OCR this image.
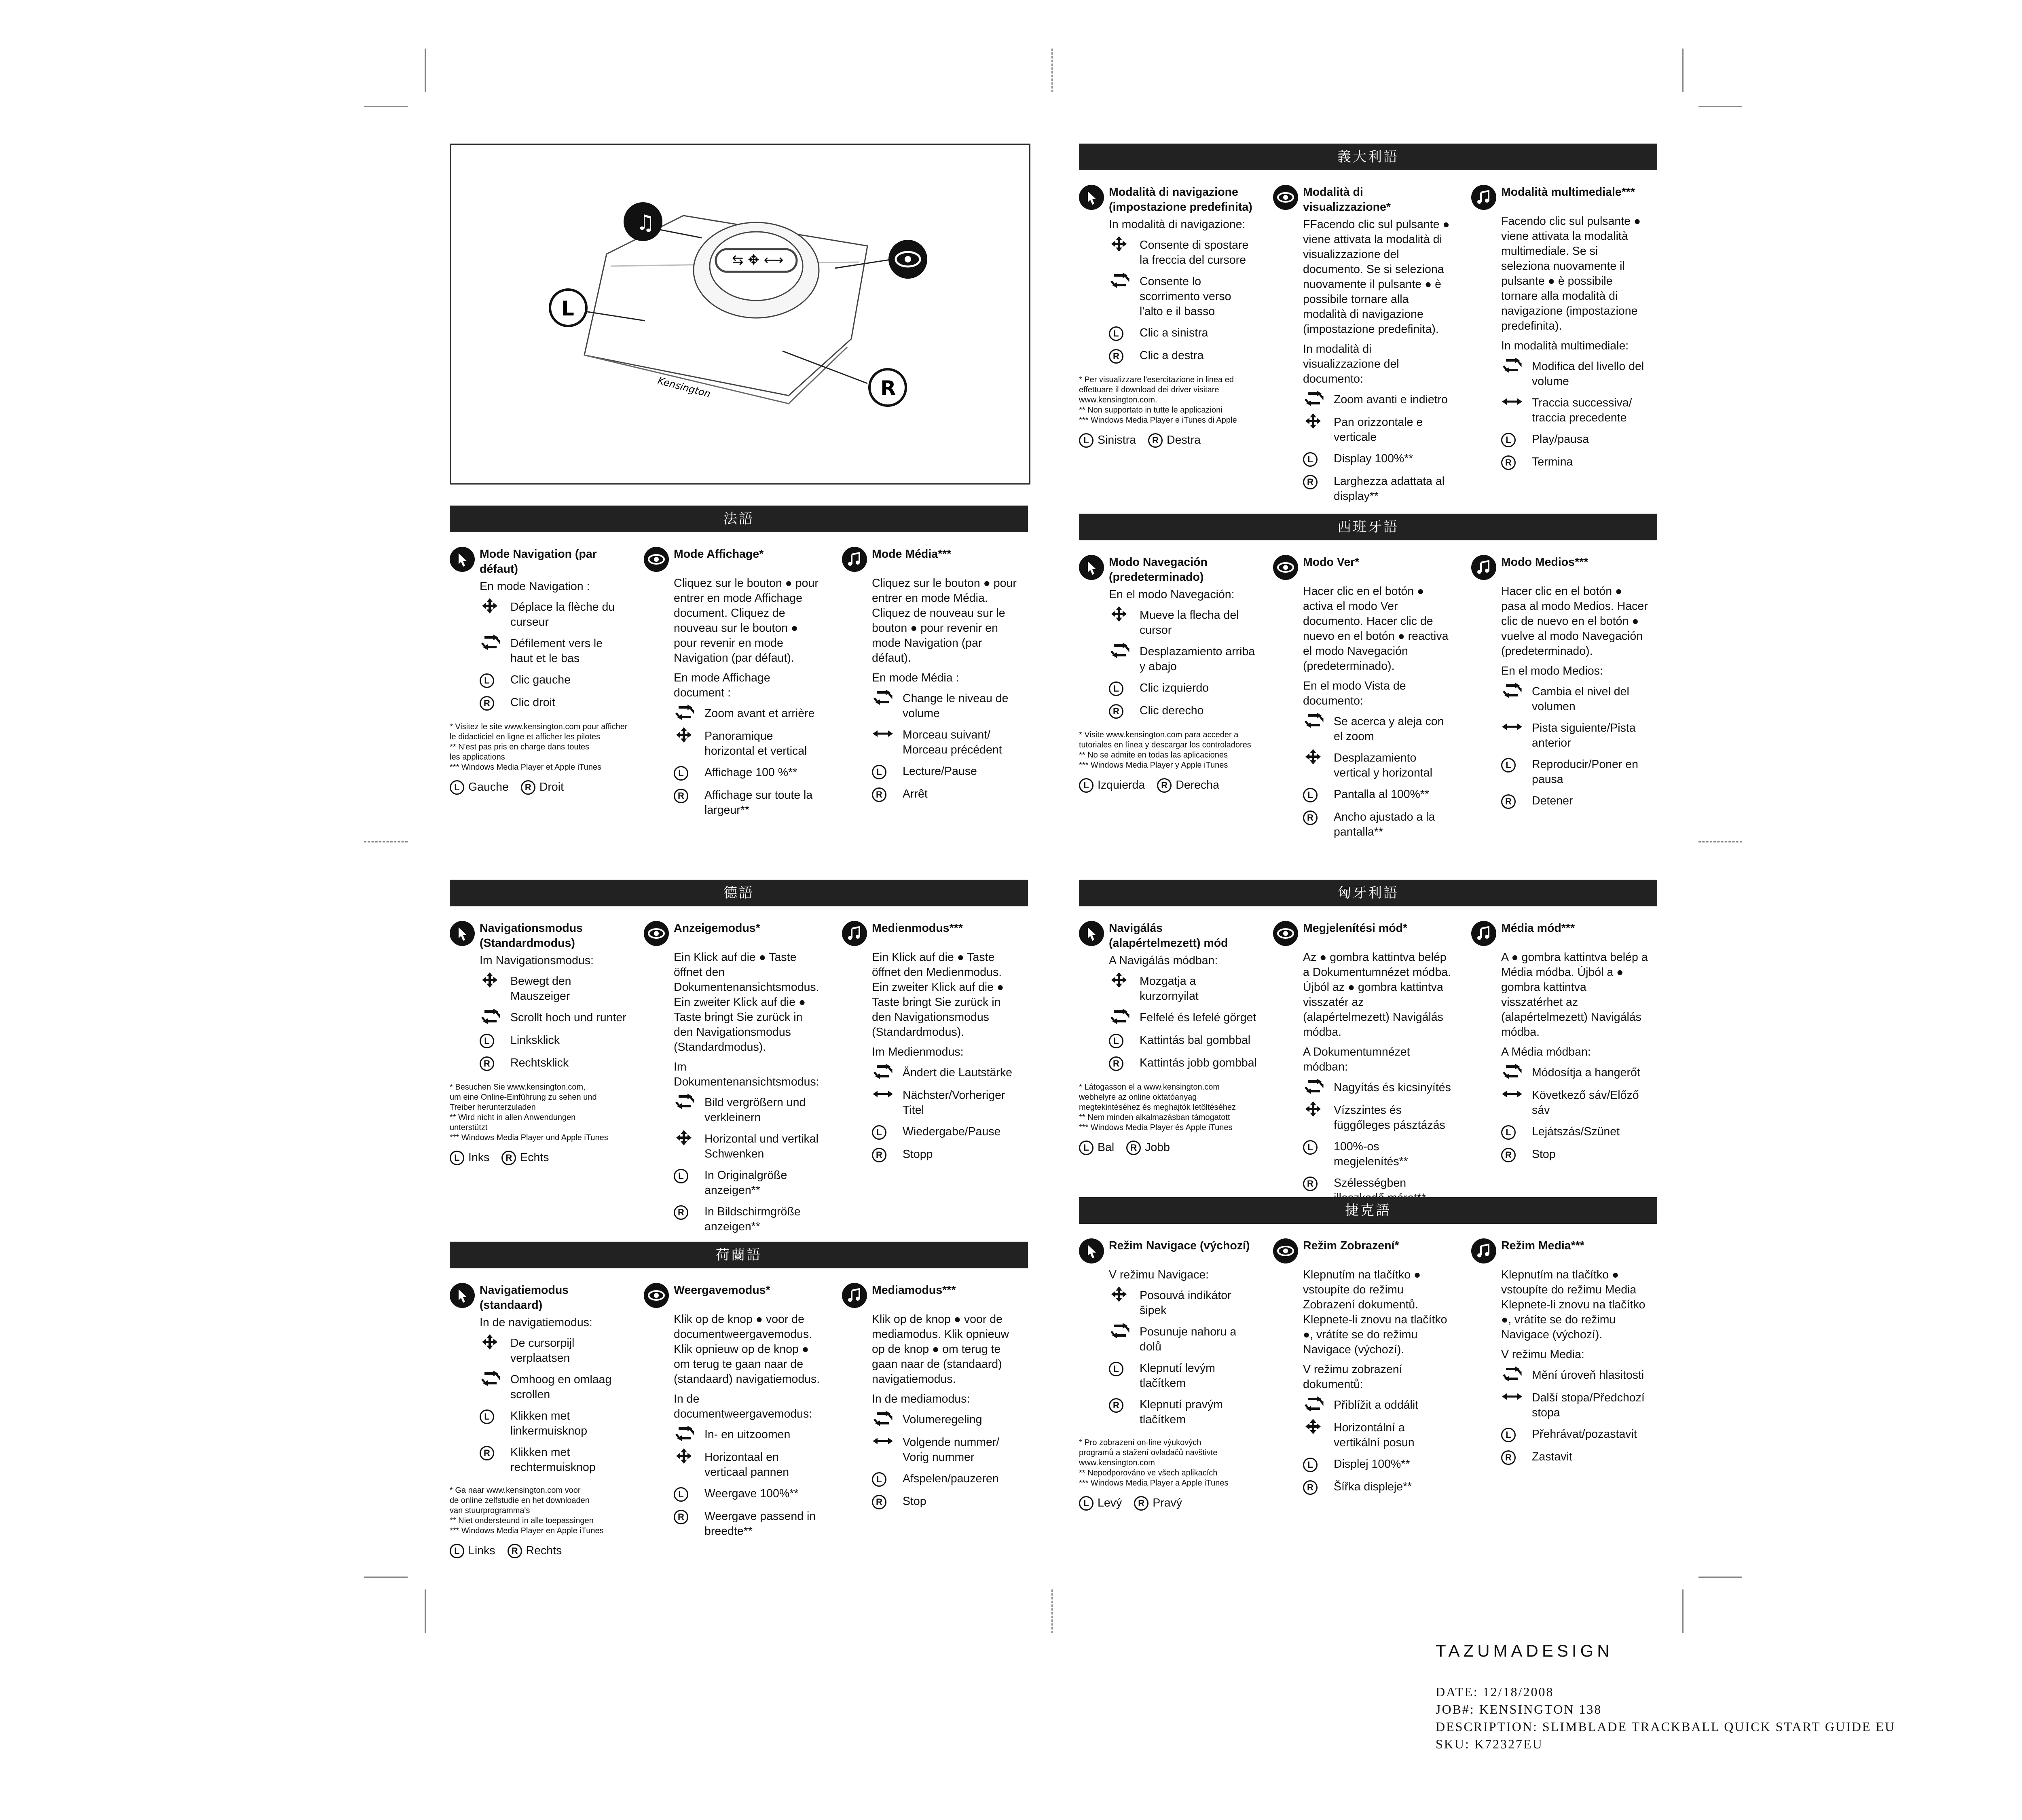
⇆ ✥ ⟷
Kensington
♫
L
R
法語
Mode Navigation (par défaut)
En mode Navigation :
Déplace la flèche du curseur
Défilement vers le haut et le bas
L	Clic gauche
R	Clic droit
* Visitez le site www.kensington.com pour afficher
le didacticiel en ligne et afficher les pilotes
** N'est pas pris en charge dans toutes
les applications
*** Windows Media Player et Apple iTunes
L Gauche	R Droit
Mode Affichage*
Cliquez sur le bouton ● pour entrer en mode Affichage document. Cliquez de nouveau sur le bouton ● pour revenir en mode Navigation (par défaut).
En mode Affichage document :
Zoom avant et arrière
Panoramique horizontal et vertical
L	Affichage 100 %**
R	Affichage sur toute la largeur**
Mode Média***
Cliquez sur le bouton ● pour entrer en mode Média. Cliquez de nouveau sur le bouton ● pour revenir en mode Navigation (par défaut).
En mode Média :
Change le niveau de volume
Morceau suivant/ Morceau précédent
L	Lecture/Pause
R	Arrêt
義大利語
Modalità di navigazione (impostazione predefinita)
In modalità di navigazione:
Consente di spostare la freccia del cursore
Consente lo scorrimento verso l'alto e il basso
L	Clic a sinistra
R	Clic a destra
* Per visualizzare l'esercitazione in linea ed
effettuare il download dei driver visitare
www.kensington.com.
** Non supportato in tutte le applicazioni
*** Windows Media Player e iTunes di Apple
L Sinistra	R Destra
Modalità di visualizzazione*
FFacendo clic sul pulsante ● viene attivata la modalità di visualizzazione del documento. Se si seleziona nuovamente il pulsante ● è possibile tornare alla modalità di navigazione (impostazione predefinita).
In modalità di visualizzazione del documento:
Zoom avanti e indietro
Pan orizzontale e verticale
L	Display 100%**
R	Larghezza adattata al display**
Modalità multimediale***
Facendo clic sul pulsante ● viene attivata la modalità multimediale. Se si seleziona nuovamente il pulsante ● è possibile tornare alla modalità di navigazione (impostazione predefinita).
In modalità multimediale:
Modifica del livello del volume
Traccia successiva/ traccia precedente
L	Play/pausa
R	Termina
西班牙語
Modo Navegación (predeterminado)
En el modo Navegación:
Mueve la flecha del cursor
Desplazamiento arriba y abajo
L	Clic izquierdo
R	Clic derecho
* Visite www.kensington.com para acceder a
tutoriales en línea y descargar los controladores
** No se admite en todas las aplicaciones
*** Windows Media Player y Apple iTunes
L Izquierda	R Derecha
Modo Ver*
Hacer clic en el botón ● activa el modo Ver documento. Hacer clic de nuevo en el botón ● reactiva el modo Navegación (predeterminado).
En el modo Vista de documento:
Se acerca y aleja con el zoom
Desplazamiento vertical y horizontal
L	Pantalla al 100%**
R	Ancho ajustado a la pantalla**
Modo Medios***
Hacer clic en el botón ● pasa al modo Medios. Hacer clic de nuevo en el botón ● vuelve al modo Navegación (predeterminado).
En el modo Medios:
Cambia el nivel del volumen
Pista siguiente/Pista anterior
L	Reproducir/Poner en pausa
R	Detener
德語
Navigationsmodus (Standardmodus)
Im Navigationsmodus:
Bewegt den Mauszeiger
Scrollt hoch und runter
L	Linksklick
R	Rechtsklick
* Besuchen Sie www.kensington.com,
um eine Online-Einführung zu sehen und
Treiber herunterzuladen
** Wird nicht in allen Anwendungen
unterstützt
*** Windows Media Player und Apple iTunes
L Inks	R Echts
Anzeigemodus*
Ein Klick auf die ● Taste öffnet den Dokumentenansichtsmodus. Ein zweiter Klick auf die ● Taste bringt Sie zurück in den Navigationsmodus (Standardmodus).
Im Dokumentenansichtsmodus:
Bild vergrößern und verkleinern
Horizontal und vertikal Schwenken
L	In Originalgröße anzeigen**
R	In Bildschirmgröße anzeigen**
Medienmodus***
Ein Klick auf die ● Taste öffnet den Medienmodus. Ein zweiter Klick auf die ● Taste bringt Sie zurück in den Navigationsmodus (Standardmodus).
Im Medienmodus:
Ändert die Lautstärke
Nächster/Vorheriger Titel
L	Wiedergabe/Pause
R	Stopp
匈牙利語
Navigálás (alapértelmezett) mód
A Navigálás módban:
Mozgatja a kurzornyilat
Felfelé és lefelé görget
L	Kattintás bal gombbal
R	Kattintás jobb gombbal
* Látogasson el a www.kensington.com
webhelyre az online oktatóanyag
megtekintéséhez és meghajtók letöltéséhez
** Nem minden alkalmazásban támogatott
*** Windows Media Player és Apple iTunes
L Bal	R Jobb
Megjelenítési mód*
Az ● gombra kattintva belép a Dokumentumnézet módba. Újból az ● gombra kattintva visszatér az (alapértelmezett) Navigálás módba.
A Dokumentumnézet módban:
Nagyítás és kicsinyítés
Vízszintes és függőleges pásztázás
L	100%-os megjelenítés**
R	Szélességben
Média mód***
A ● gombra kattintva belép a Média módba. Újból a ● gombra kattintva visszatérhet az (alapértelmezett) Navigálás módba.
A Média módban:
Módosítja a hangerőt
Következő sáv/Előző sáv
L	Lejátszás/Szünet
R	Stop
荷蘭語
Navigatiemodus (standaard)
In de navigatiemodus:
De cursorpijl verplaatsen
Omhoog en omlaag scrollen
L	Klikken met linkermuisknop
R	Klikken met rechtermuisknop
* Ga naar www.kensington.com voor
de online zelfstudie en het downloaden
van stuurprogramma's
** Niet ondersteund in alle toepassingen
*** Windows Media Player en Apple iTunes
L Links	R Rechts
Weergavemodus*
Klik op de knop ● voor de documentweergavemodus. Klik opnieuw op de knop ● om terug te gaan naar de (standaard) navigatiemodus.
In de documentweergavemodus:
In- en uitzoomen
Horizontaal en verticaal pannen
L	Weergave 100%**
R	Weergave passend in breedte**
Mediamodus***
Klik op de knop ● voor de mediamodus. Klik opnieuw op de knop ● om terug te gaan naar de (standaard) navigatiemodus.
In de mediamodus:
Volumeregeling
Volgende nummer/ Vorig nummer
L	Afspelen/pauzeren
R	Stop
捷克語
Režim Navigace (výchozí)
V režimu Navigace:
Posouvá indikátor šipek
Posunuje nahoru a dolů
L	Klepnutí levým tlačítkem
R	Klepnutí pravým tlačítkem
* Pro zobrazení on-line výukových
programů a stažení ovladačů navštivte
www.kensington.com
** Nepodporováno ve všech aplikacích
*** Windows Media Player a Apple iTunes
L Levý	R Pravý
Režim Zobrazení*
Klepnutím na tlačítko ● vstoupíte do režimu Zobrazení dokumentů. Klepnete-li znovu na tlačítko ●, vrátíte se do režimu Navigace (výchozí).
V režimu zobrazení dokumentů:
Přiblížit a oddálit
Horizontální a vertikální posun
L	Displej 100%**
R	Šířka displeje**
Režim Media***
Klepnutím na tlačítko ● vstoupíte do režimu Media Klepnete-li znovu na tlačítko ●, vrátíte se do režimu Navigace (výchozí).
V režimu Media:
Mění úroveň hlasitosti
Další stopa/Předchozí stopa
L	Přehrávat/pozastavit
R	Zastavit
TAZUMADESIGN
DATE: 12/18/2008
JOB#: KENSINGTON 138
DESCRIPTION: SLIMBLADE TRACKBALL QUICK START GUIDE EU
SKU: K72327EU
